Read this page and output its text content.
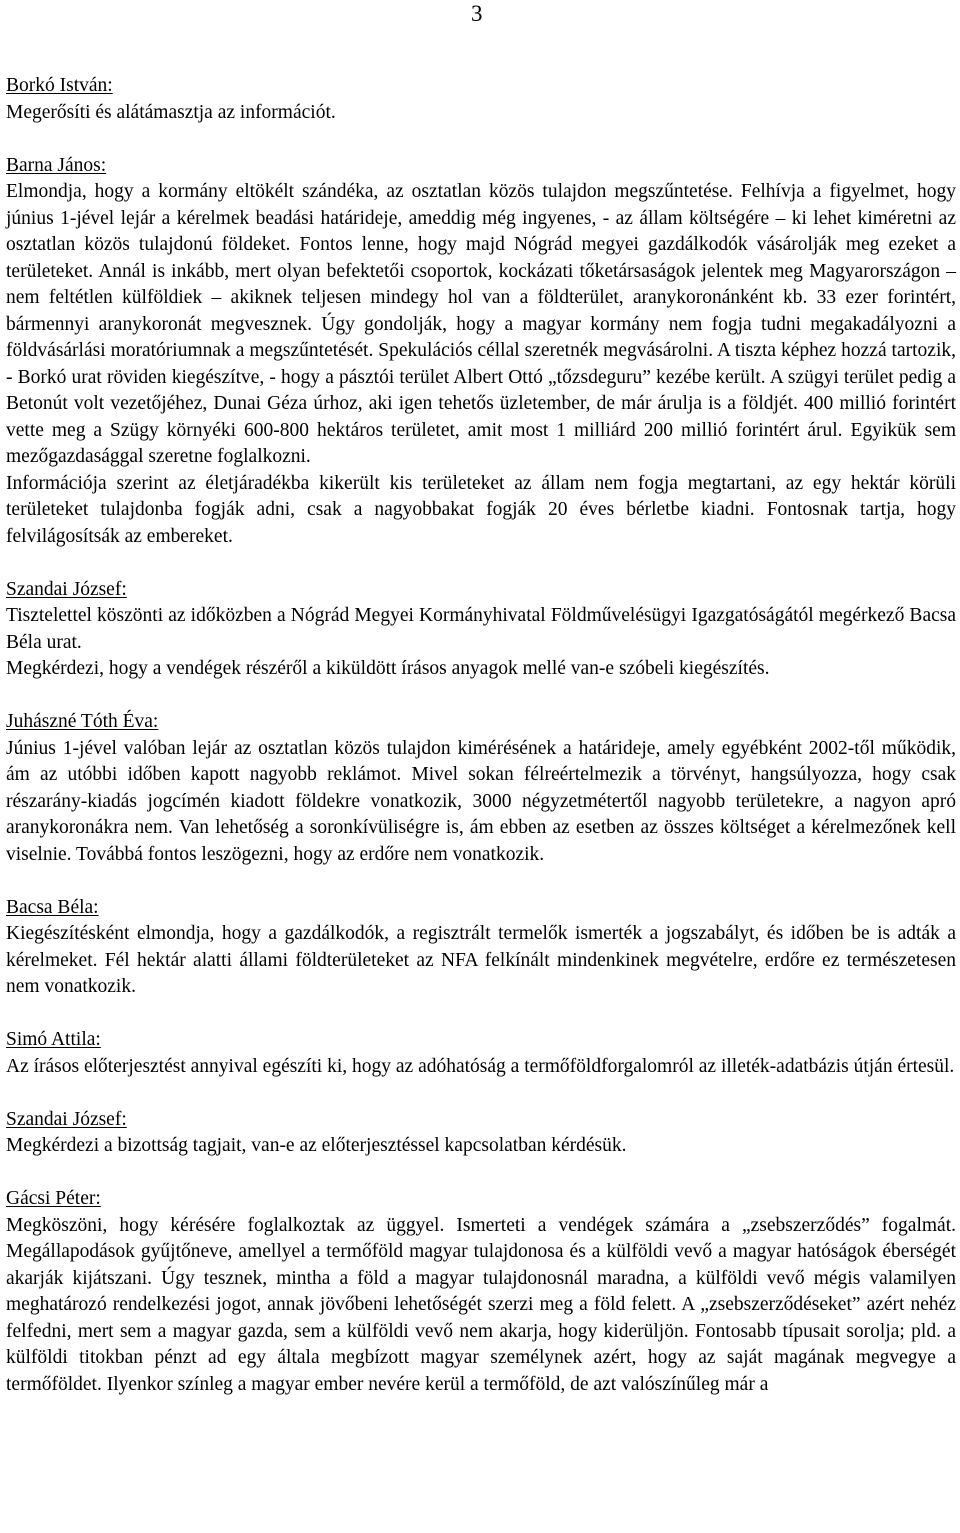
3
Borkó István:

Megerősíti és alátámasztja az információt.

Barna János:

Elmondja, hogy a kormány eltökélt szándéka, az osztatlan közös tulajdon megszűntetése. Felhívja a figyelmet, hogy június 1-jével lejár a kérelmek beadási határideje, ameddig még ingyenes, - az állam költségére – ki lehet kiméretni az osztatlan közös tulajdonú földeket. Fontos lenne, hogy majd Nógrád megyei gazdálkodók vásárolják meg ezeket a területeket. Annál is inkább, mert olyan befektetői csoportok, kockázati tőketársaságok jelentek meg Magyarországon – nem feltétlen külföldiek – akiknek teljesen mindegy hol van a földterület, aranykoronánként kb. 33 ezer forintért, bármennyi aranykoronát megvesznek. Úgy gondolják, hogy a magyar kormány nem fogja tudni megakadályozni a földvásárlási moratóriumnak a megszűntetését. Spekulációs céllal szeretnék megvásárolni. A tiszta képhez hozzá tartozik, - Borkó urat röviden kiegészítve, - hogy a pásztói terület Albert Ottó „tőzsdeguru” kezébe került. A szügyi terület pedig a Betonút volt vezetőjéhez, Dunai Géza úrhoz, aki igen tehetős üzletember, de már árulja is a földjét. 400 millió forintért vette meg a Szügy környéki 600-800 hektáros területet, amit most 1 milliárd 200 millió forintért árul. Egyikük sem mezőgazdasággal szeretne foglalkozni.

Információja szerint az életjáradékba kikerült kis területeket az állam nem fogja megtartani, az egy hektár körüli területeket tulajdonba fogják adni, csak a nagyobbakat fogják 20 éves bérletbe kiadni. Fontosnak tartja, hogy felvilágosítsák az embereket.

Szandai József:

Tisztelettel köszönti az időközben a Nógrád Megyei Kormányhivatal Földművelésügyi Igazgatóságától megérkező Bacsa Béla urat.

Megkérdezi, hogy a vendégek részéről a kiküldött írásos anyagok mellé van-e szóbeli kiegészítés.

Juhászné Tóth Éva:

Június 1-jével valóban lejár az osztatlan közös tulajdon kimérésének a határideje, amely egyébként 2002-től működik, ám az utóbbi időben kapott nagyobb reklámot. Mivel sokan félreértelmezik a törvényt, hangsúlyozza, hogy csak részarány-kiadás jogcímén kiadott földekre vonatkozik, 3000 négyzetmétertől nagyobb területekre, a nagyon apró aranykoronákra nem. Van lehetőség a soronkívüliségre is, ám ebben az esetben az összes költséget a kérelmezőnek kell viselnie. Továbbá fontos leszögezni, hogy az erdőre nem vonatkozik.

Bacsa Béla:

Kiegészítésként elmondja, hogy a gazdálkodók, a regisztrált termelők ismerték a jogszabályt, és időben be is adták a kérelmeket. Fél hektár alatti állami földterületeket az NFA felkínált mindenkinek megvételre, erdőre ez természetesen nem vonatkozik.

Simó Attila:

Az írásos előterjesztést annyival egészíti ki, hogy az adóhatóság a termőföldforgalomról az illeték-adatbázis útján értesül.

Szandai József:

Megkérdezi a bizottság tagjait, van-e az előterjesztéssel kapcsolatban kérdésük.

Gácsi Péter:

Megköszöni, hogy kérésére foglalkoztak az üggyel. Ismerteti a vendégek számára a „zsebszerződés” fogalmát. Megállapodások gyűjtőneve, amellyel a termőföld magyar tulajdonosa és a külföldi vevő a magyar hatóságok éberségét akarják kijátszani. Úgy tesznek, mintha a föld a magyar tulajdonosnál maradna, a külföldi vevő mégis valamilyen meghatározó rendelkezési jogot, annak jövőbeni lehetőségét szerzi meg a föld felett. A „zsebszerződéseket” azért nehéz felfedni, mert sem a magyar gazda, sem a külföldi vevő nem akarja, hogy kiderüljön. Fontosabb típusait sorolja; pld. a külföldi titokban pénzt ad egy általa megbízott magyar személynek azért, hogy az saját magának megvegye a termőföldet. Ilyenkor színleg a magyar ember nevére kerül a termőföld, de azt valószínűleg már a
